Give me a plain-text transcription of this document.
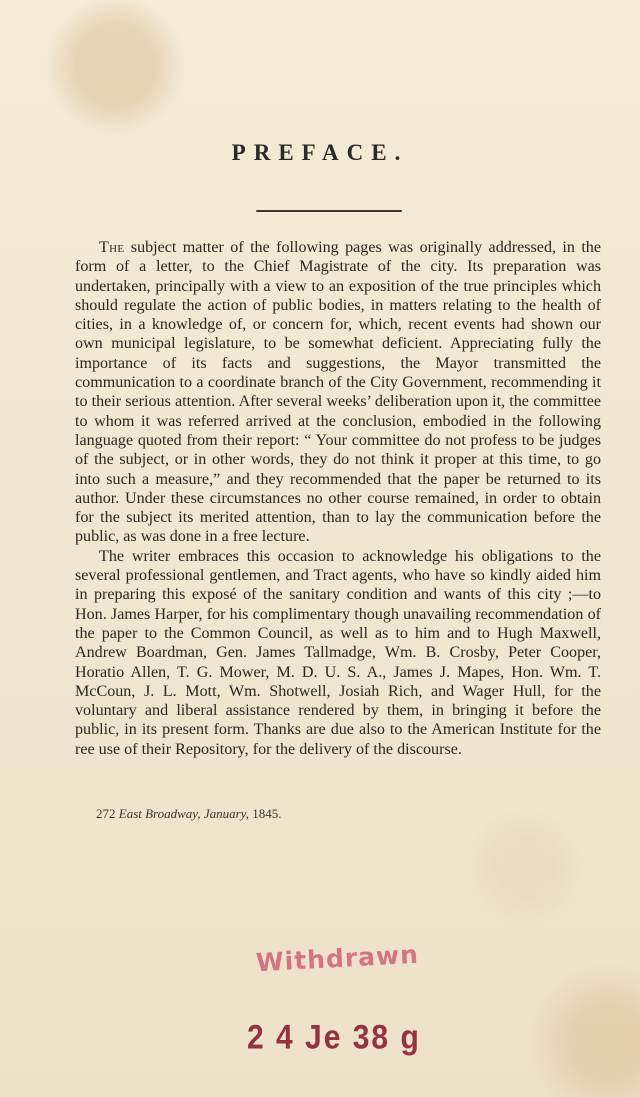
PREFACE.

The subject matter of the following pages was originally addressed, in the form of a letter, to the Chief Magistrate of the city. Its preparation was undertaken, principally with a view to an exposition of the true principles which should regulate the action of public bodies, in matters relating to the health of cities, in a knowledge of, or concern for, which, recent events had shown our own municipal legislature, to be somewhat deficient. Appreciating fully the importance of its facts and suggestions, the Mayor transmitted the communication to a coordinate branch of the City Government, recommending it to their serious attention. After several weeks’ deliberation upon it, the committee to whom it was referred arrived at the conclusion, embodied in the following language quoted from their report: “ Your committee do not profess to be judges of the subject, or in other words, they do not think it proper at this time, to go into such a measure,” and they recommended that the paper be returned to its author. Under these circumstances no other course remained, in order to obtain for the subject its merited attention, than to lay the communication before the public, as was done in a free lecture.

The writer embraces this occasion to acknowledge his obligations to the several professional gentlemen, and Tract agents, who have so kindly aided him in preparing this exposé of the sanitary condition and wants of this city ;—to Hon. James Harper, for his complimentary though unavailing recommendation of the paper to the Common Council, as well as to him and to Hugh Maxwell, Andrew Boardman, Gen. James Tallmadge, Wm. B. Crosby, Peter Cooper, Horatio Allen, T. G. Mower, M. D. U. S. A., James J. Mapes, Hon. Wm. T. McCoun, J. L. Mott, Wm. Shotwell, Josiah Rich, and Wager Hull, for the voluntary and liberal assistance rendered by them, in bringing it before the public, in its present form. Thanks are due also to the American Institute for the ree use of their Repository, for the delivery of the discourse.

272 East Broadway, January, 1845.
Withdrawn
2 4 Je 38 g
